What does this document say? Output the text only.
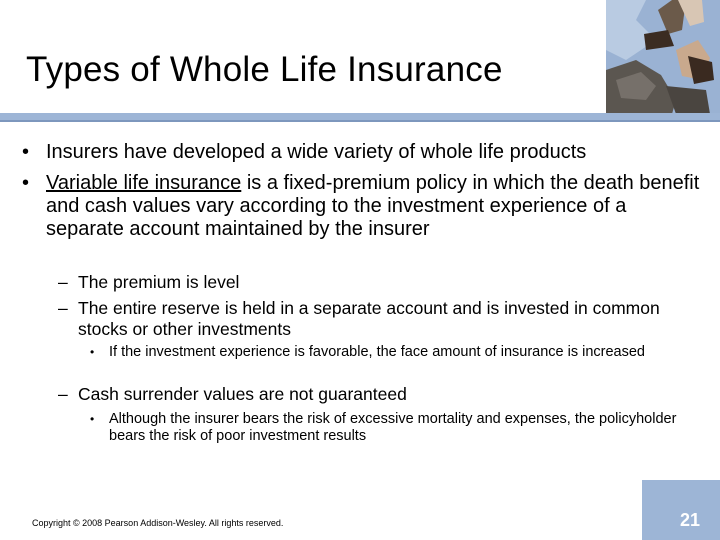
Types of Whole Life Insurance
• Insurers have developed a wide variety of whole life products
• Variable life insurance is a fixed-premium policy in which the death benefit and cash values vary according to the investment experience of a separate account maintained by the insurer
– The premium is level
– The entire reserve is held in a separate account and is invested in common stocks or other investments
• If the investment experience is favorable, the face amount of insurance is increased
– Cash surrender values are not guaranteed
• Although the insurer bears the risk of excessive mortality and expenses, the policyholder bears the risk of poor investment results
Copyright © 2008 Pearson Addison-Wesley. All rights reserved.	21
